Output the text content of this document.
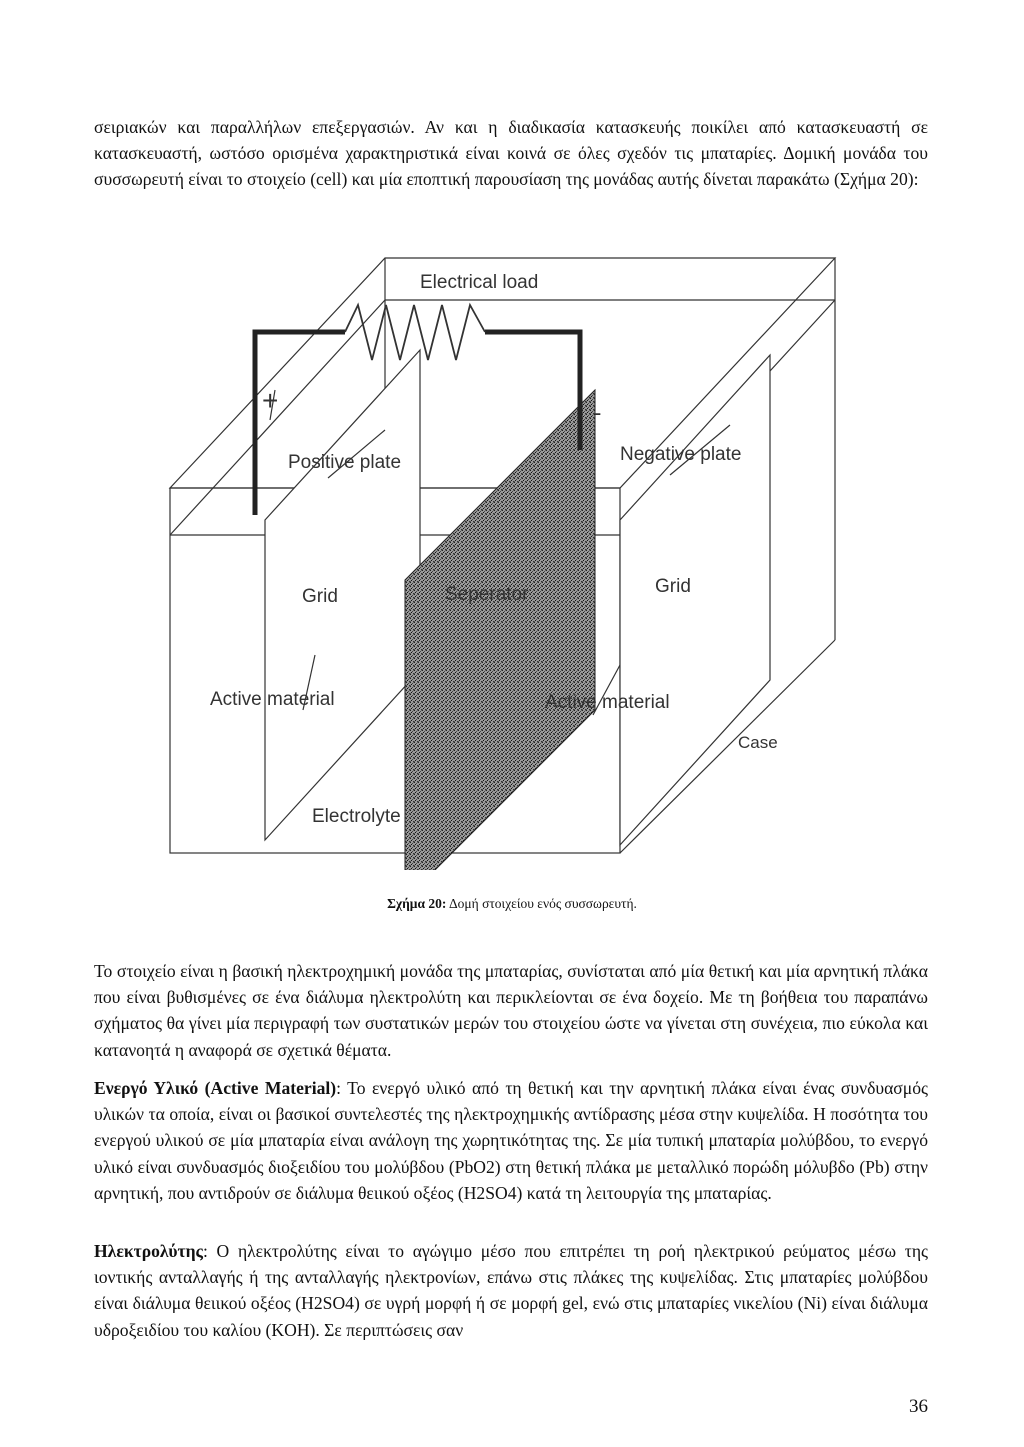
σειριακών και παραλλήλων επεξεργασιών. Αν και η διαδικασία κατασκευής ποικίλει από κατασκευαστή σε κατασκευαστή, ωστόσο ορισμένα χαρακτηριστικά είναι κοινά σε όλες σχεδόν τις μπαταρίες. Δομική μονάδα του συσσωρευτή είναι το στοιχείο (cell) και μία εποπτική παρουσίαση της μονάδας αυτής δίνεται παρακάτω (Σχήμα 20):

Electrical load
+	-
Positive plate	Negative plate
Grid	Grid
Seperator
Active material	Active material
Case
Electrolyte
Σχήμα 20: Δομή στοιχείου ενός συσσωρευτή.

Το στοιχείο είναι η βασική ηλεκτροχημική μονάδα της μπαταρίας, συνίσταται από μία θετική και μία αρνητική πλάκα που είναι βυθισμένες σε ένα διάλυμα ηλεκτρολύτη και περικλείονται σε ένα δοχείο. Με τη βοήθεια του παραπάνω σχήματος θα γίνει μία περιγραφή των συστατικών μερών του στοιχείου ώστε να γίνεται στη συνέχεια, πιο εύκολα και κατανοητά η αναφορά σε σχετικά θέματα.

Ενεργό Υλικό (Active Material): Το ενεργό υλικό από τη θετική και την αρνητική πλάκα είναι ένας συνδυασμός υλικών τα οποία, είναι οι βασικοί συντελεστές της ηλεκτροχημικής αντίδρασης μέσα στην κυψελίδα. Η ποσότητα του ενεργού υλικού σε μία μπαταρία είναι ανάλογη της χωρητικότητας της. Σε μία τυπική μπαταρία μολύβδου, το ενεργό υλικό είναι συνδυασμός διοξειδίου του μολύβδου (PbO2) στη θετική πλάκα με μεταλλικό πορώδη μόλυβδο (Pb) στην αρνητική, που αντιδρούν σε διάλυμα θειικού οξέος (H2SO4) κατά τη λειτουργία της μπαταρίας.

Ηλεκτρολύτης: Ο ηλεκτρολύτης είναι το αγώγιμο μέσο που επιτρέπει τη ροή ηλεκτρικού ρεύματος μέσω της ιοντικής ανταλλαγής ή της ανταλλαγής ηλεκτρονίων, επάνω στις πλάκες της κυψελίδας. Στις μπαταρίες μολύβδου είναι διάλυμα θειικού οξέος (H2SO4) σε υγρή μορφή ή σε μορφή gel, ενώ στις μπαταρίες νικελίου (Ni) είναι διάλυμα υδροξειδίου του καλίου (KOH). Σε περιπτώσεις σαν

36
